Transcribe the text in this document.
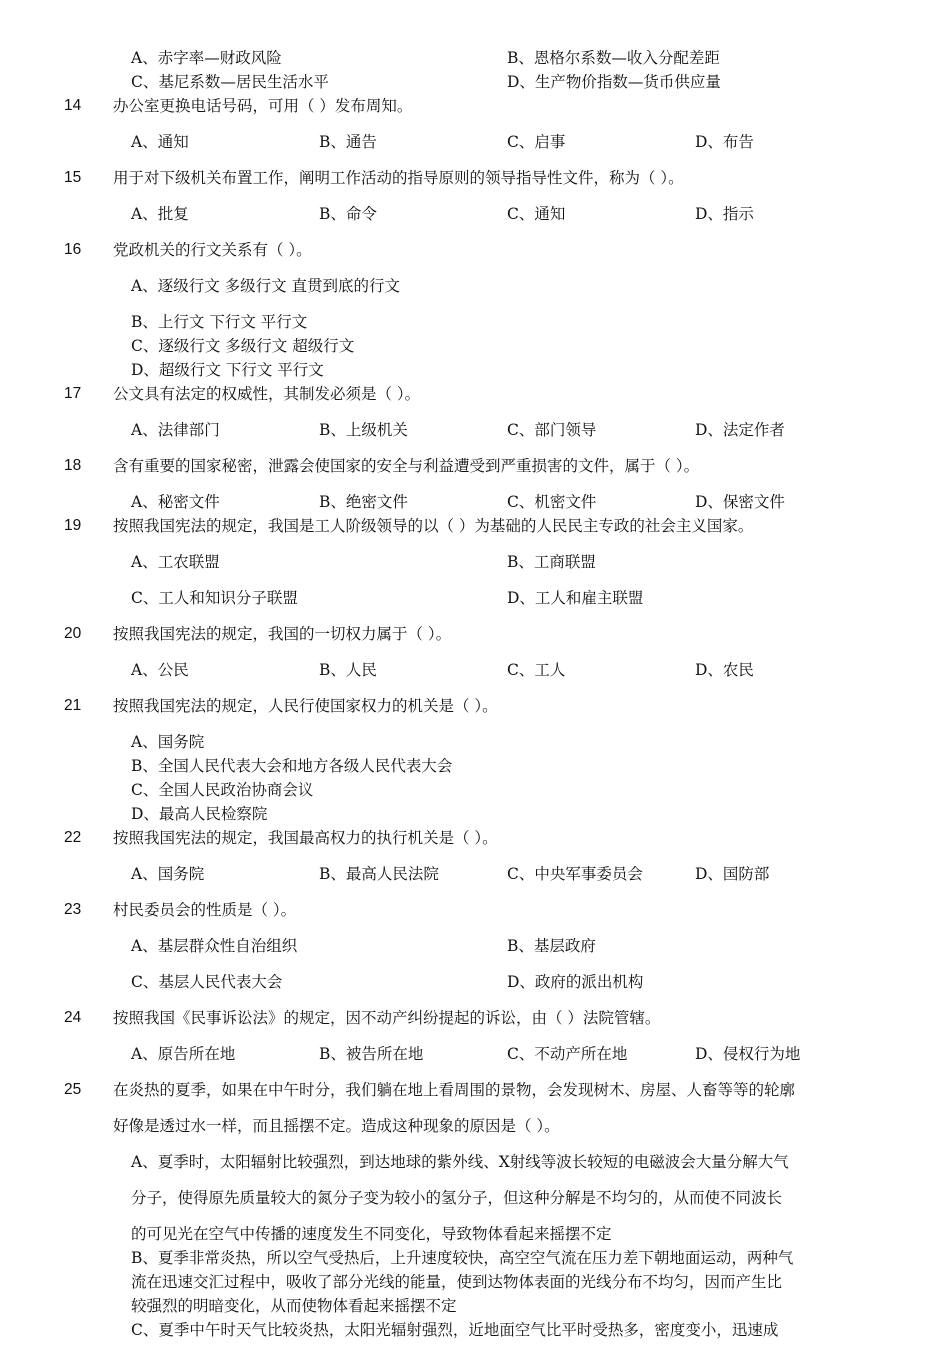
A、赤字率—财政风险	B、恩格尔系数—收入分配差距
C、基尼系数—居民生活水平	D、生产物价指数—货币供应量
14 办公室更换电话号码，可用（ ）发布周知。
A、通知	B、通告	C、启事	D、布告
15 用于对下级机关布置工作，阐明工作活动的指导原则的领导指导性文件，称为（ ）。
A、批复	B、命令	C、通知	D、指示
16 党政机关的行文关系有（ ）。
A、逐级行文 多级行文 直贯到底的行文
B、上行文 下行文 平行文
C、逐级行文 多级行文 超级行文
D、超级行文 下行文 平行文
17 公文具有法定的权威性，其制发必须是（ ）。
A、法律部门	B、上级机关	C、部门领导	D、法定作者
18 含有重要的国家秘密，泄露会使国家的安全与利益遭受到严重损害的文件，属于（ ）。
A、秘密文件	B、绝密文件	C、机密文件	D、保密文件
19 按照我国宪法的规定，我国是工人阶级领导的以（ ）为基础的人民民主专政的社会主义国家。
A、工农联盟	B、工商联盟
C、工人和知识分子联盟	D、工人和雇主联盟
20 按照我国宪法的规定，我国的一切权力属于（ ）。
A、公民	B、人民	C、工人	D、农民
21 按照我国宪法的规定，人民行使国家权力的机关是（ ）。
A、国务院
B、全国人民代表大会和地方各级人民代表大会
C、全国人民政治协商会议
D、最高人民检察院
22 按照我国宪法的规定，我国最高权力的执行机关是（ ）。
A、国务院	B、最高人民法院	C、中央军事委员会	D、国防部
23 村民委员会的性质是（ ）。
A、基层群众性自治组织	B、基层政府
C、基层人民代表大会	D、政府的派出机构
24 按照我国《民事诉讼法》的规定，因不动产纠纷提起的诉讼，由（ ）法院管辖。
A、原告所在地	B、被告所在地	C、不动产所在地	D、侵权行为地
25 在炎热的夏季，如果在中午时分，我们躺在地上看周围的景物，会发现树木、房屋、人畜等等的轮廓
好像是透过水一样，而且摇摆不定。造成这种现象的原因是（ ）。
A、夏季时，太阳辐射比较强烈，到达地球的紫外线、X射线等波长较短的电磁波会大量分解大气
分子，使得原先质量较大的氮分子变为较小的氢分子，但这种分解是不均匀的，从而使不同波长
的可见光在空气中传播的速度发生不同变化，导致物体看起来摇摆不定
B、夏季非常炎热，所以空气受热后，上升速度较快，高空空气流在压力差下朝地面运动，两种气
流在迅速交汇过程中，吸收了部分光线的能量，使到达物体表面的光线分布不均匀，因而产生比
较强烈的明暗变化，从而使物体看起来摇摆不定
C、夏季中午时天气比较炎热，太阳光辐射强烈，近地面空气比平时受热多，密度变小，迅速成
